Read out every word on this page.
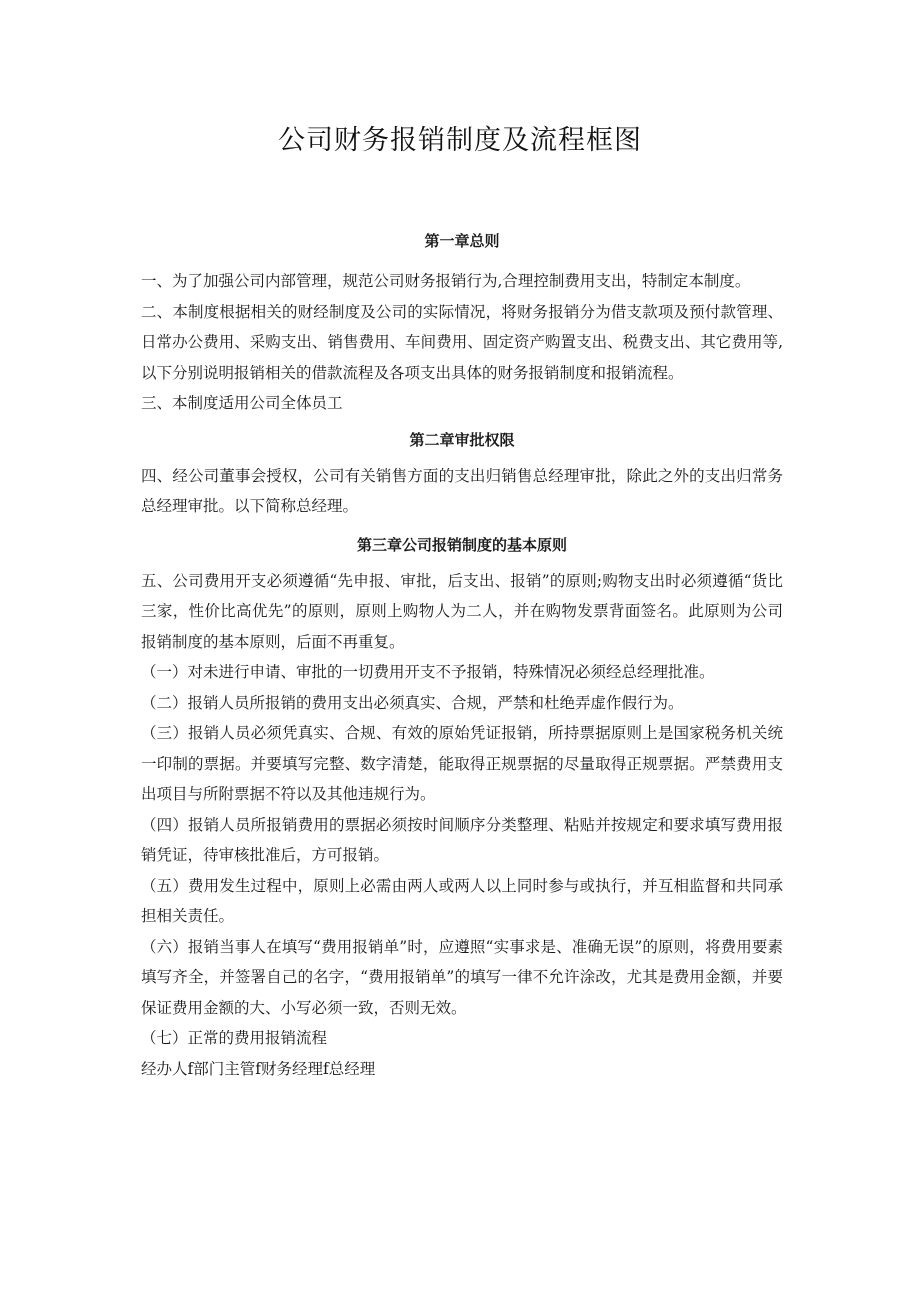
公司财务报销制度及流程框图
第一章总则

一、为了加强公司内部管理，规范公司财务报销行为,合理控制费用支出，特制定本制度。

二、本制度根据相关的财经制度及公司的实际情况，将财务报销分为借支款项及预付款管理、日常办公费用、采购支出、销售费用、车间费用、固定资产购置支出、税费支出、其它费用等,以下分别说明报销相关的借款流程及各项支出具体的财务报销制度和报销流程。

三、本制度适用公司全体员工

第二章审批权限

四、经公司董事会授权，公司有关销售方面的支出归销售总经理审批，除此之外的支出归常务总经理审批。以下简称总经理。

第三章公司报销制度的基本原则

五、公司费用开支必须遵循“先申报、审批，后支出、报销”的原则;购物支出时必须遵循“货比三家，性价比高优先”的原则，原则上购物人为二人，并在购物发票背面签名。此原则为公司报销制度的基本原则，后面不再重复。

（一）对未进行申请、审批的一切费用开支不予报销，特殊情况必须经总经理批准。

（二）报销人员所报销的费用支出必须真实、合规，严禁和杜绝弄虚作假行为。

（三）报销人员必须凭真实、合规、有效的原始凭证报销，所持票据原则上是国家税务机关统一印制的票据。并要填写完整、数字清楚，能取得正规票据的尽量取得正规票据。严禁费用支出项目与所附票据不符以及其他违规行为。

（四）报销人员所报销费用的票据必须按时间顺序分类整理、粘贴并按规定和要求填写费用报销凭证，待审核批准后，方可报销。

（五）费用发生过程中，原则上必需由两人或两人以上同时参与或执行，并互相监督和共同承担相关责任。

（六）报销当事人在填写“费用报销单”时，应遵照“实事求是、准确无误”的原则，将费用要素填写齐全，并签署自己的名字，“费用报销单”的填写一律不允许涂改，尤其是费用金额，并要保证费用金额的大、小写必须一致，否则无效。

（七）正常的费用报销流程

经办人f部门主管f财务经理f总经理
